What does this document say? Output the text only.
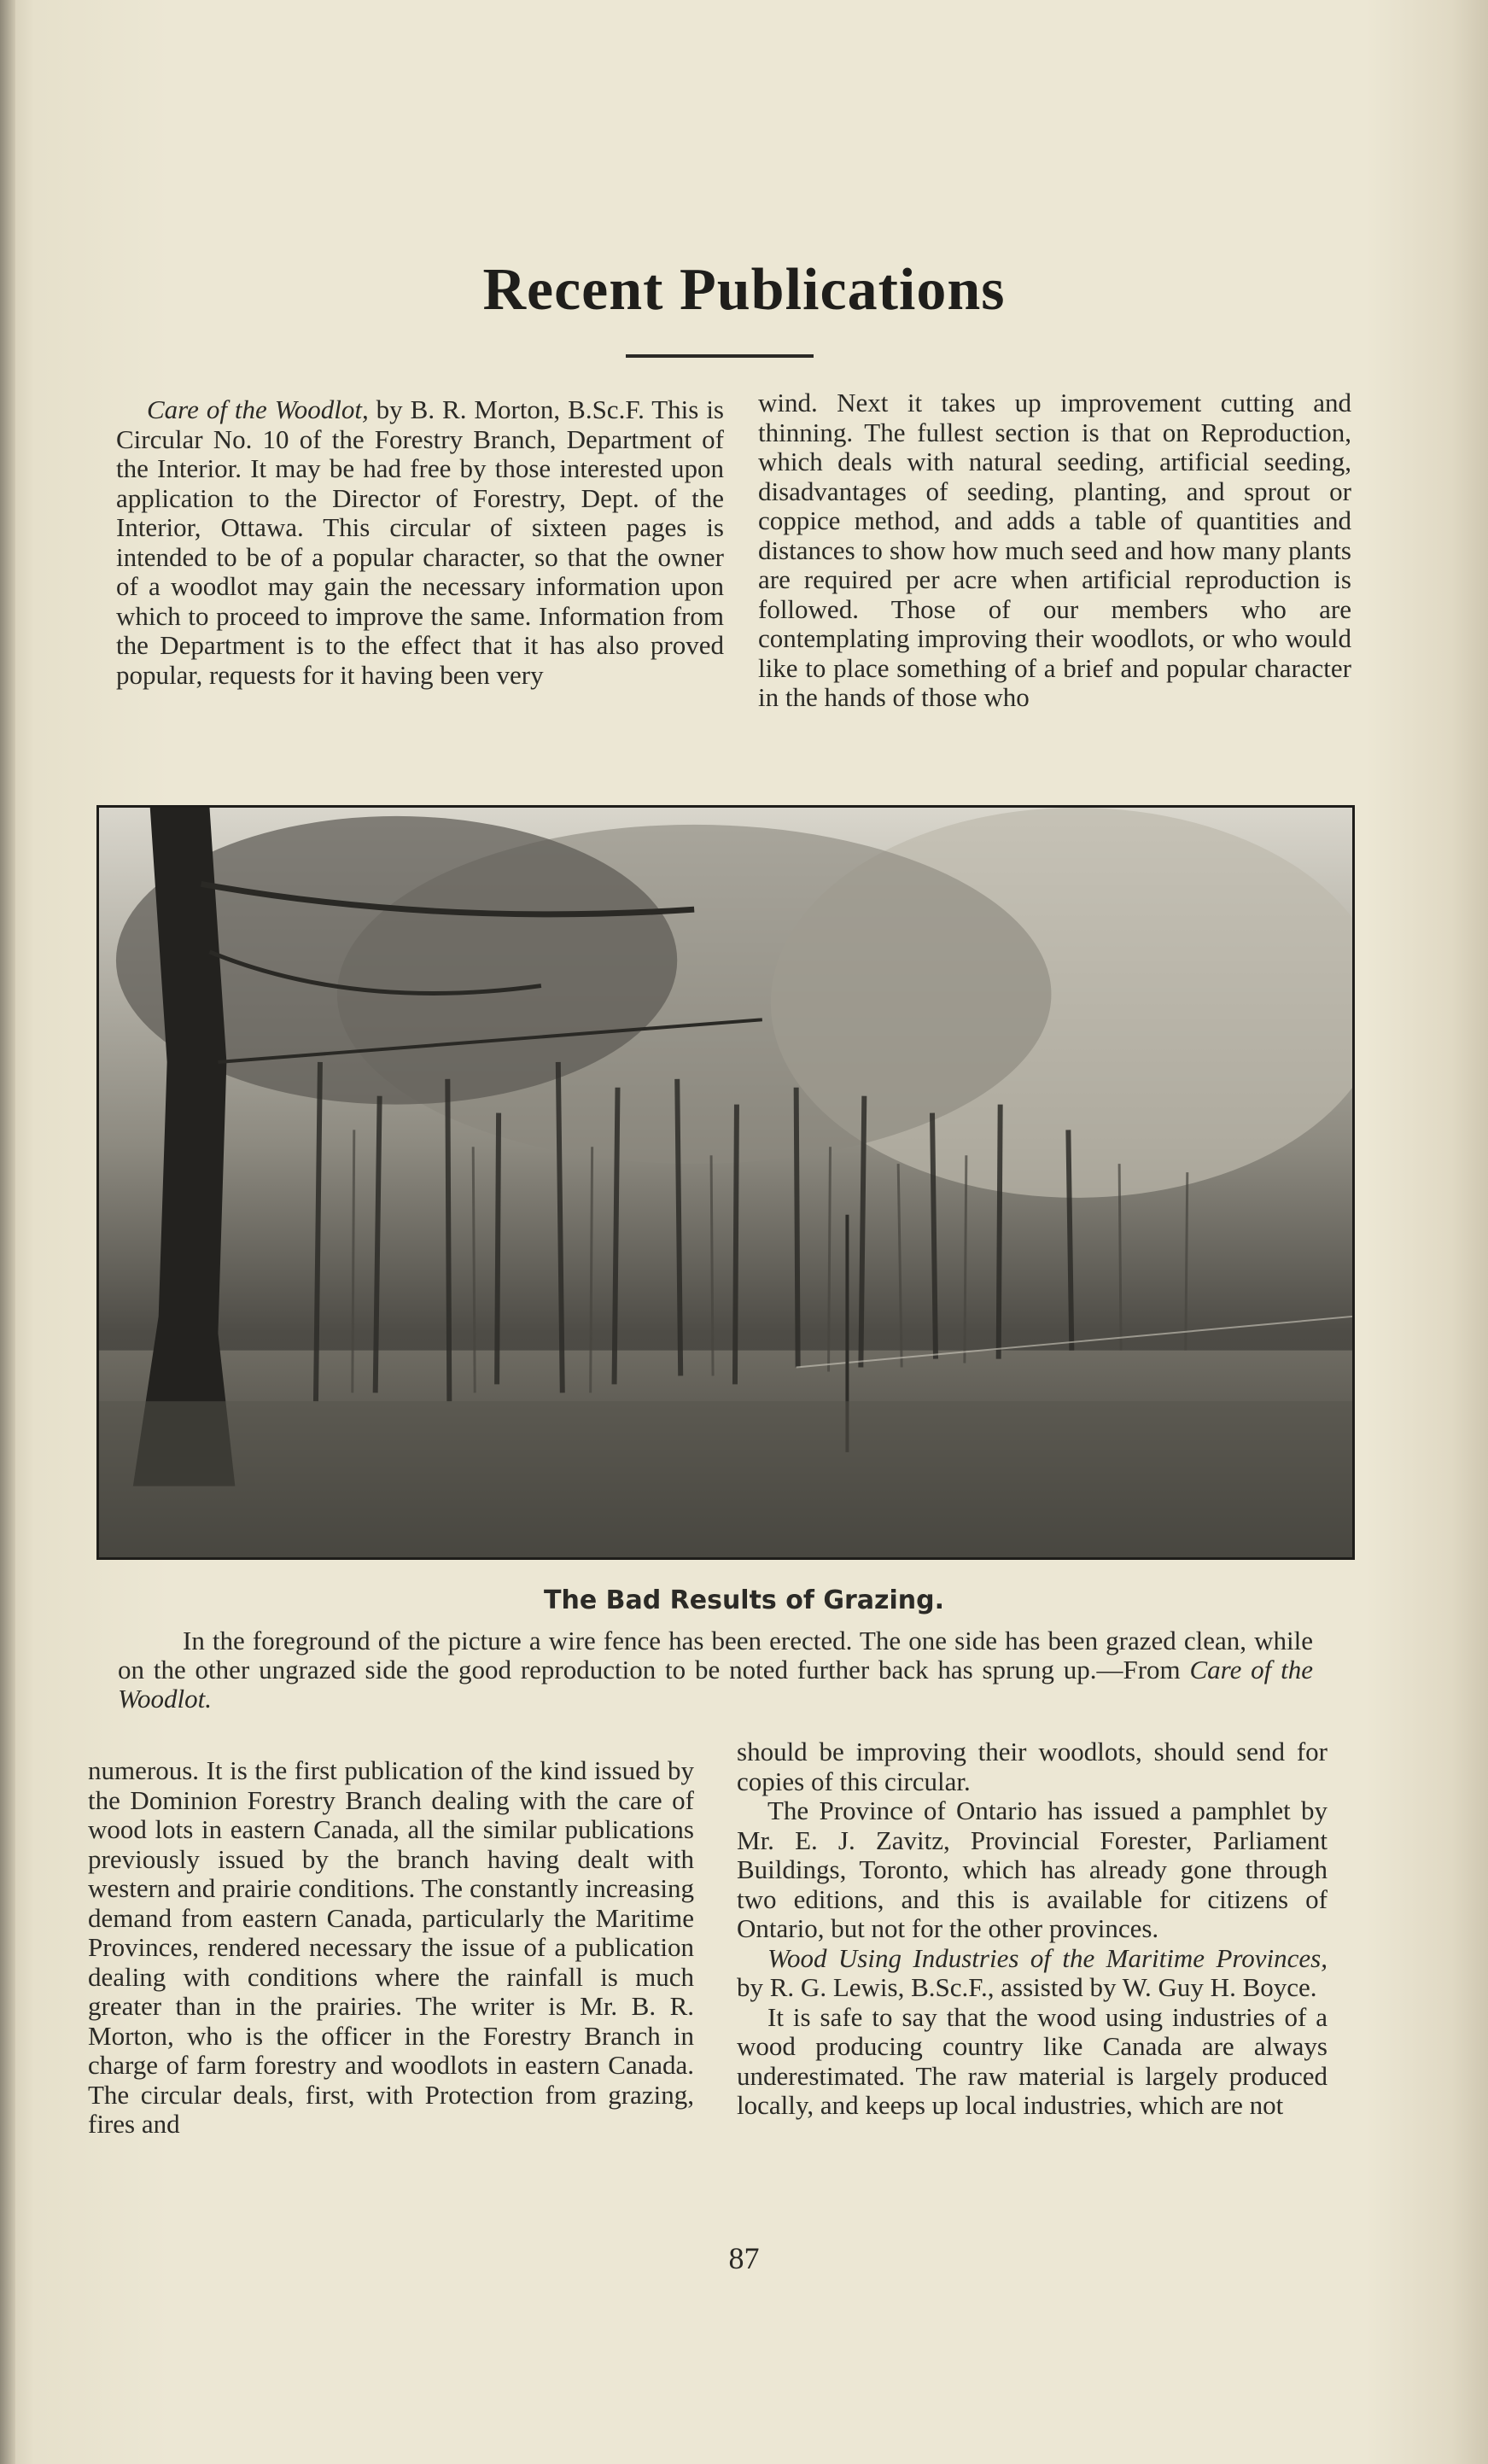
Recent Publications

Care of the Woodlot, by B. R. Morton, B.Sc.F. This is Circular No. 10 of the Forestry Branch, Department of the Interior. It may be had free by those interested upon application to the Director of Forestry, Dept. of the Interior, Ottawa. This circular of sixteen pages is intended to be of a popular character, so that the owner of a woodlot may gain the necessary information upon which to proceed to improve the same. Information from the Department is to the effect that it has also proved popular, requests for it having been very

wind. Next it takes up improvement cutting and thinning. The fullest section is that on Reproduction, which deals with natural seeding, artificial seeding, disadvantages of seeding, planting, and sprout or coppice method, and adds a table of quantities and distances to show how much seed and how many plants are required per acre when artificial reproduction is followed. Those of our members who are contemplating improving their woodlots, or who would like to place something of a brief and popular character in the hands of those who

The Bad Results of Grazing.
In the foreground of the picture a wire fence has been erected. The one side has been grazed clean, while on the other ungrazed side the good reproduction to be noted further back has sprung up.—From Care of the Woodlot.

numerous. It is the first publication of the kind issued by the Dominion Forestry Branch dealing with the care of wood lots in eastern Canada, all the similar publications previously issued by the branch having dealt with western and prairie conditions. The constantly increasing demand from eastern Canada, particularly the Maritime Provinces, rendered necessary the issue of a publication dealing with conditions where the rainfall is much greater than in the prairies. The writer is Mr. B. R. Morton, who is the officer in the Forestry Branch in charge of farm forestry and woodlots in eastern Canada. The circular deals, first, with Protection from grazing, fires and

should be improving their woodlots, should send for copies of this circular.

The Province of Ontario has issued a pamphlet by Mr. E. J. Zavitz, Provincial Forester, Parliament Buildings, Toronto, which has already gone through two editions, and this is available for citizens of Ontario, but not for the other provinces.

Wood Using Industries of the Maritime Provinces, by R. G. Lewis, B.Sc.F., assisted by W. Guy H. Boyce.

It is safe to say that the wood using industries of a wood producing country like Canada are always underestimated. The raw material is largely produced locally, and keeps up local industries, which are not

87
